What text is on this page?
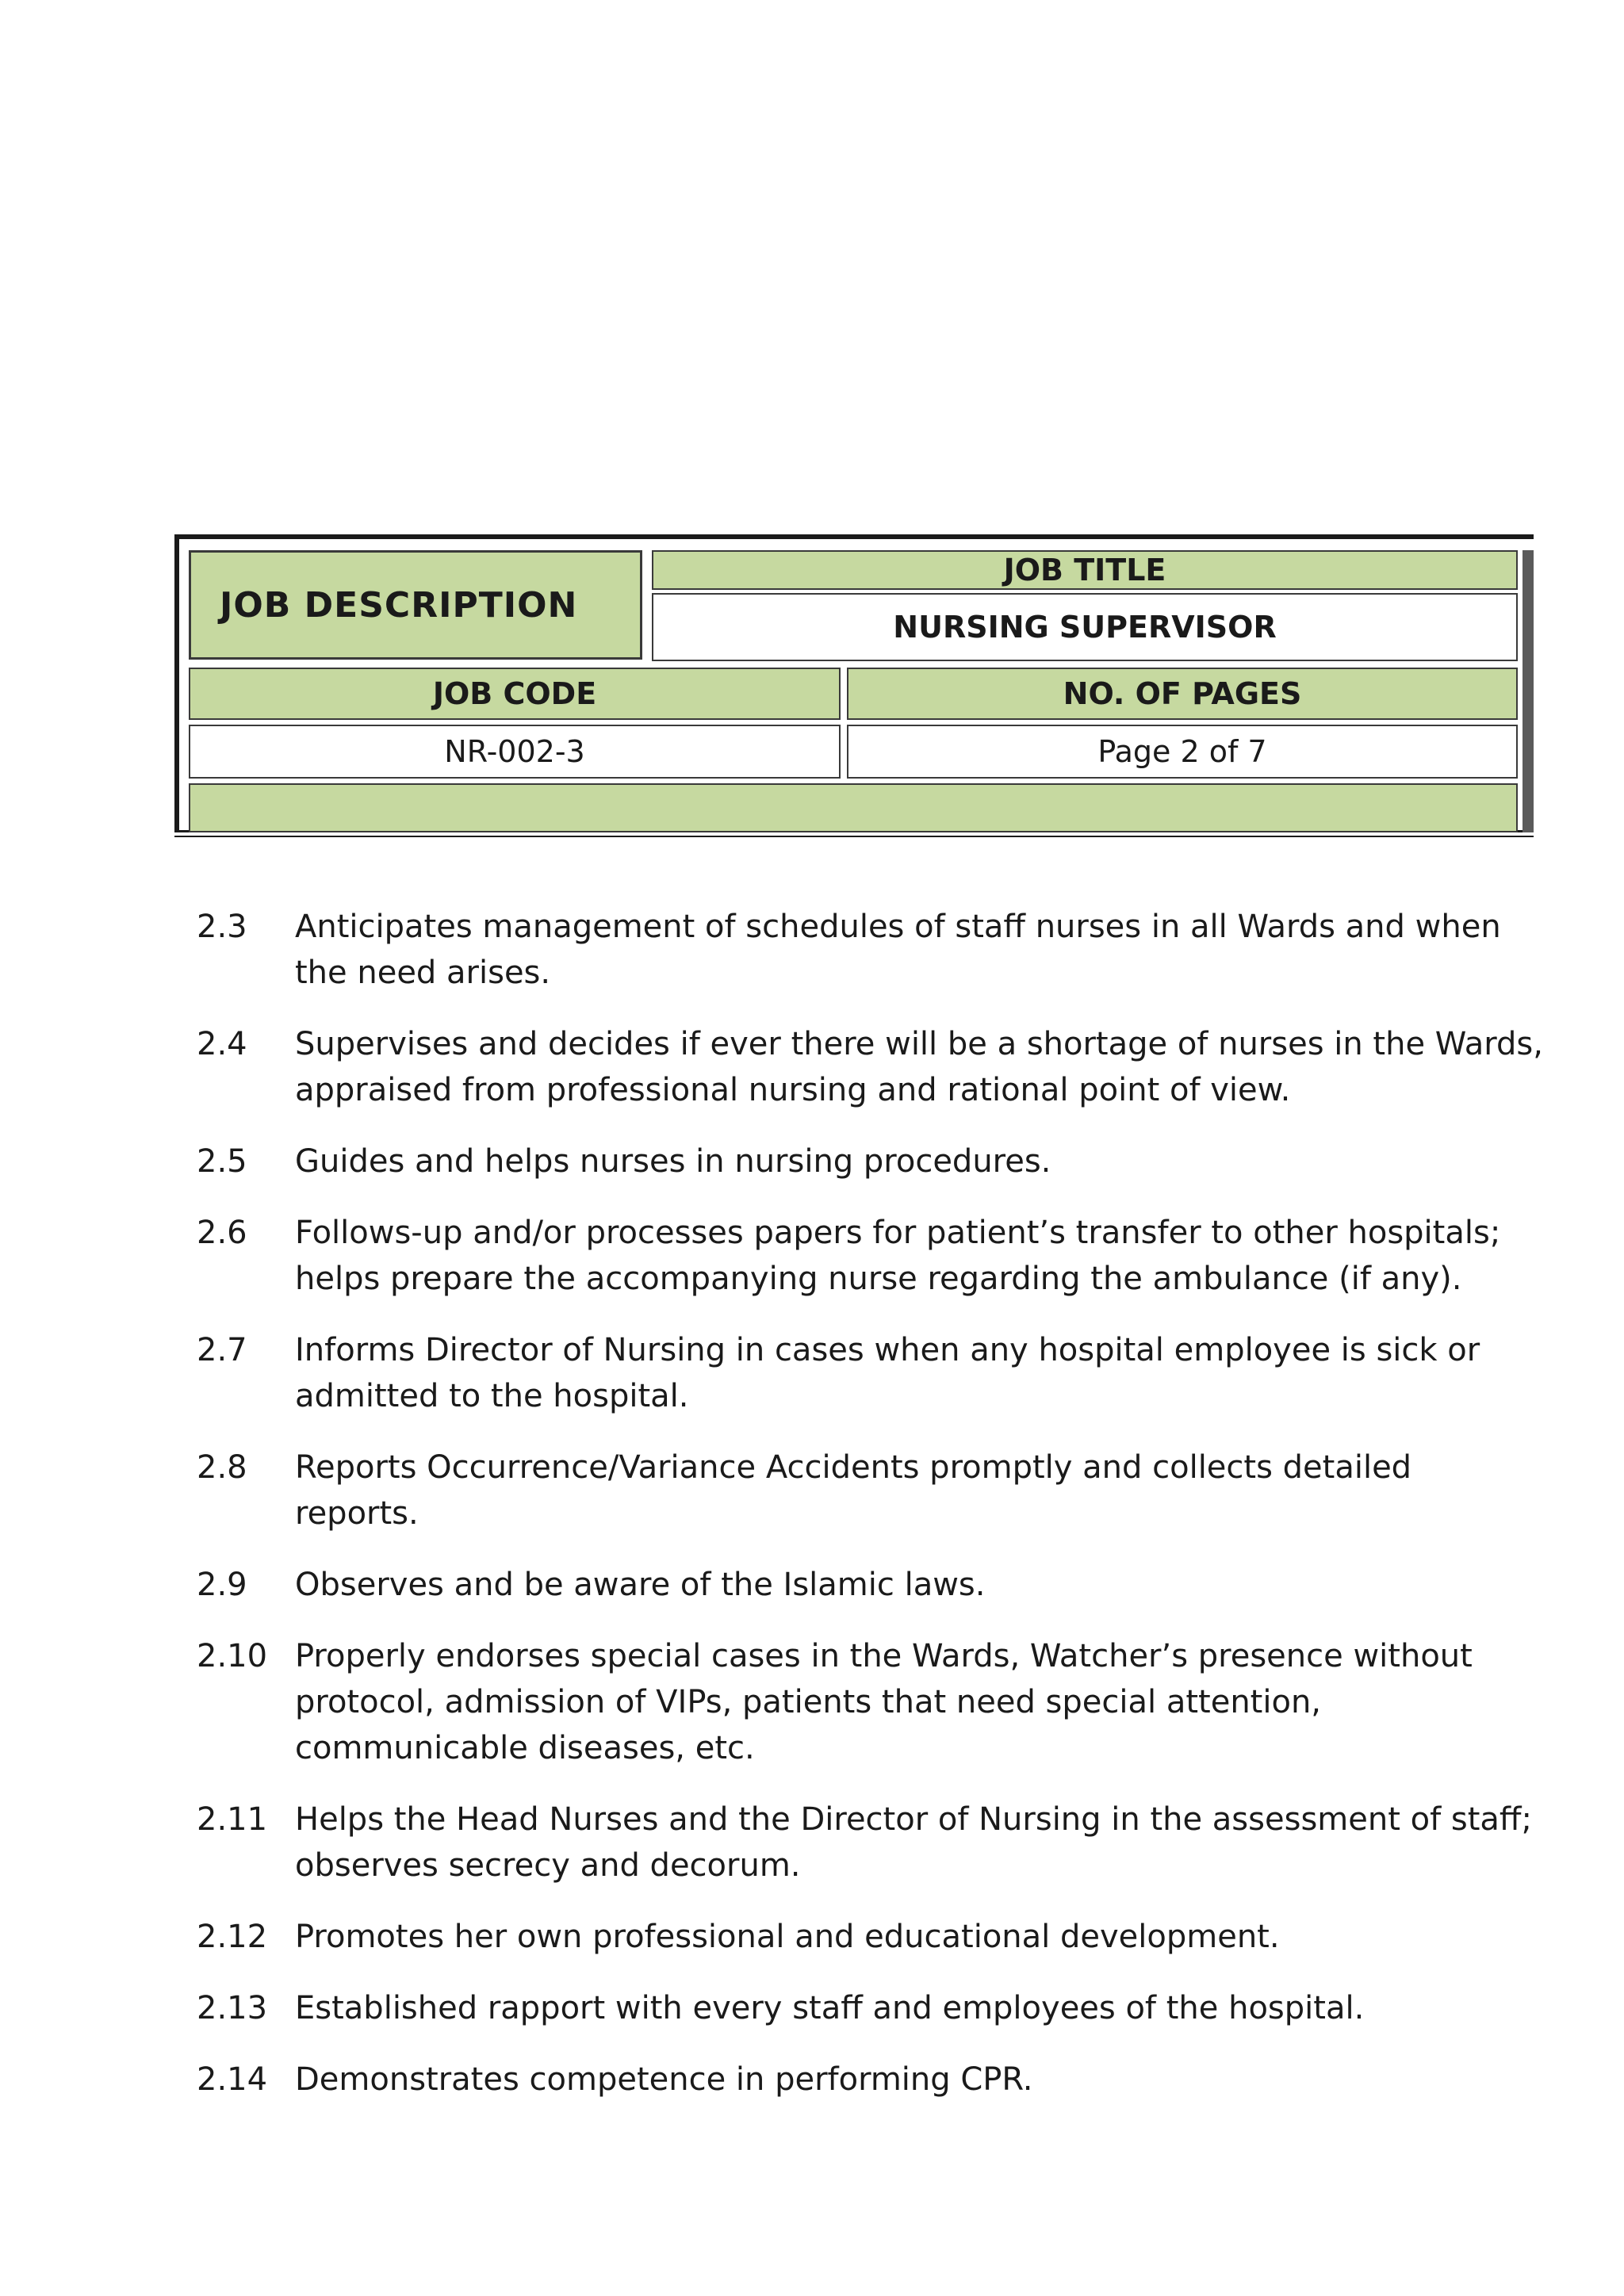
JOB DESCRIPTION
JOB TITLE
NURSING SUPERVISOR
JOB CODE	NO. OF PAGES
NR-002-3	Page 2 of 7
2.3	Anticipates management of schedules of staff nurses in all Wards and when the need arises.
2.4	Supervises and decides if ever there will be a shortage of nurses in the Wards, appraised from professional nursing and rational point of view.
2.5	Guides and helps nurses in nursing procedures.
2.6	Follows-up and/or processes papers for patient’s transfer to other hospitals; helps prepare the accompanying nurse regarding the ambulance (if any).
2.7	Informs Director of Nursing in cases when any hospital employee is sick or admitted to the hospital.
2.8	Reports Occurrence/Variance Accidents promptly and collects detailed reports.
2.9	Observes and be aware of the Islamic laws.
2.10 Properly endorses special cases in the Wards, Watcher’s presence without protocol, admission of VIPs, patients that need special attention, communicable diseases, etc.
2.11 Helps the Head Nurses and the Director of Nursing in the assessment of staff; observes secrecy and decorum.
2.12 Promotes her own professional and educational development.
2.13 Established rapport with every staff and employees of the hospital.
2.14 Demonstrates competence in performing CPR.
